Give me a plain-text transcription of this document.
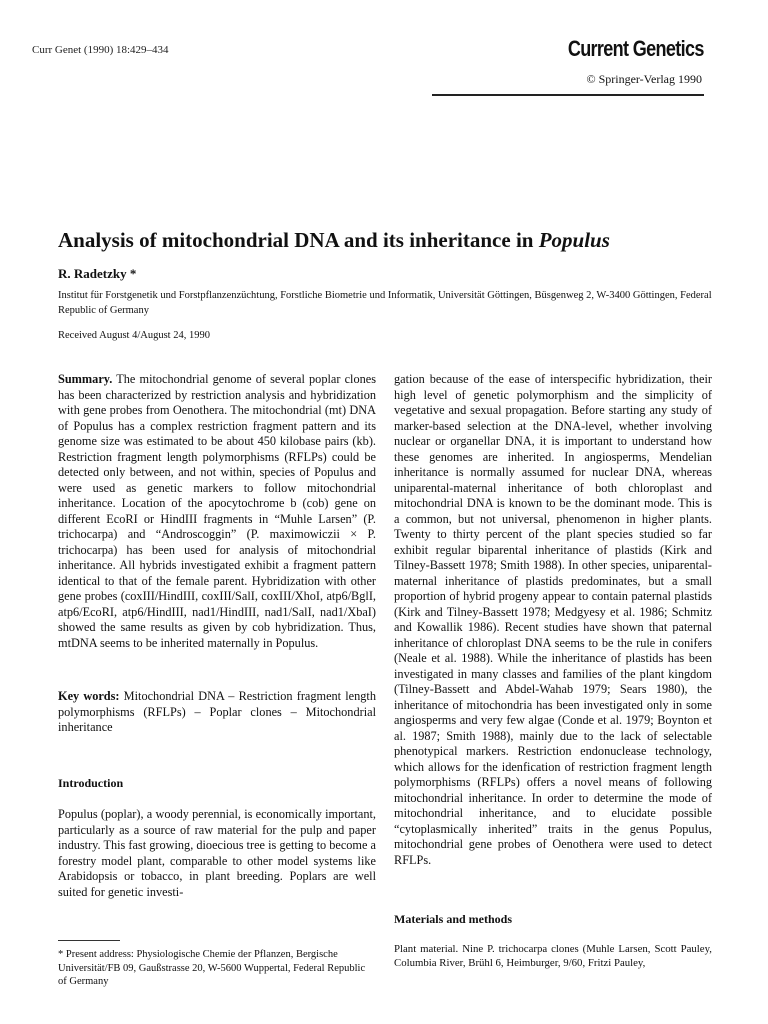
Curr Genet (1990) 18:429–434	Current Genetics
© Springer-Verlag 1990
Analysis of mitochondrial DNA and its inheritance in Populus
R. Radetzky *
Institut für Forstgenetik und Forstpflanzenzüchtung, Forstliche Biometrie und Informatik, Universität Göttingen, Büsgenweg 2, W-3400 Göttingen, Federal Republic of Germany
Received August 4/August 24, 1990

Summary. The mitochondrial genome of several poplar clones has been characterized by restriction analysis and hybridization with gene probes from Oenothera. The mitochondrial (mt) DNA of Populus has a complex restriction fragment pattern and its genome size was estimated to be about 450 kilobase pairs (kb). Restriction fragment length polymorphisms (RFLPs) could be detected only between, and not within, species of Populus and were used as genetic markers to follow mitochondrial inheritance. Location of the apocytochrome b (cob) gene on different EcoRI or HindIII fragments in “Muhle Larsen” (P. trichocarpa) and “Androscoggin” (P. maximowiczii × P. trichocarpa) has been used for analysis of mitochondrial inheritance. All hybrids investigated exhibit a fragment pattern identical to that of the female parent. Hybridization with other gene probes (coxIII/HindIII, coxIII/SalI, coxIII/XhoI, atp6/BglI, atp6/EcoRI, atp6/HindIII, nad1/HindIII, nad1/SalI, nad1/XbaI) showed the same results as given by cob hybridization. Thus, mtDNA seems to be inherited maternally in Populus.

Key words: Mitochondrial DNA – Restriction fragment length polymorphisms (RFLPs) – Poplar clones – Mitochondrial inheritance

Introduction

Populus (poplar), a woody perennial, is economically important, particularly as a source of raw material for the pulp and paper industry. This fast growing, dioecious tree is getting to become a forestry model plant, comparable to other model systems like Arabidopsis or tobacco, in plant breeding. Poplars are well suited for genetic investi-

gation because of the ease of interspecific hybridization, their high level of genetic polymorphism and the simplicity of vegetative and sexual propagation. Before starting any study of marker-based selection at the DNA-level, whether involving nuclear or organellar DNA, it is important to understand how these genomes are inherited. In angiosperms, Mendelian inheritance is normally assumed for nuclear DNA, whereas uniparental-maternal inheritance of both chloroplast and mitochondrial DNA is known to be the dominant mode. This is a common, but not universal, phenomenon in higher plants. Twenty to thirty percent of the plant species studied so far exhibit regular biparental inheritance of plastids (Kirk and Tilney-Bassett 1978; Smith 1988). In other species, uniparental-maternal inheritance of plastids predominates, but a small proportion of hybrid progeny appear to contain paternal plastids (Kirk and Tilney-Bassett 1978; Medgyesy et al. 1986; Schmitz and Kowallik 1986). Recent studies have shown that paternal inheritance of chloroplast DNA seems to be the rule in conifers (Neale et al. 1988). While the inheritance of plastids has been investigated in many classes and families of the plant kingdom (Tilney-Bassett and Abdel-Wahab 1979; Sears 1980), the inheritance of mitochondria has been investigated only in some angiosperms and very few algae (Conde et al. 1979; Boynton et al. 1987; Smith 1988), mainly due to the lack of selectable phenotypical markers. Restriction endonuclease technology, which allows for the idenfication of restriction fragment length polymorphisms (RFLPs) offers a novel means of following mitochondrial inheritance. In order to determine the mode of mitochondrial inheritance, and to elucidate possible “cytoplasmically inherited” traits in the genus Populus, mitochondrial gene probes of Oenothera were used to detect RFLPs.

Materials and methods

Plant material. Nine P. trichocarpa clones (Muhle Larsen, Scott Pauley, Columbia River, Brühl 6, Heimburger, 9/60, Fritzi Pauley,

* Present address: Physiologische Chemie der Pflanzen, Bergische Universität/FB 09, Gaußstrasse 20, W-5600 Wuppertal, Federal Republic of Germany
